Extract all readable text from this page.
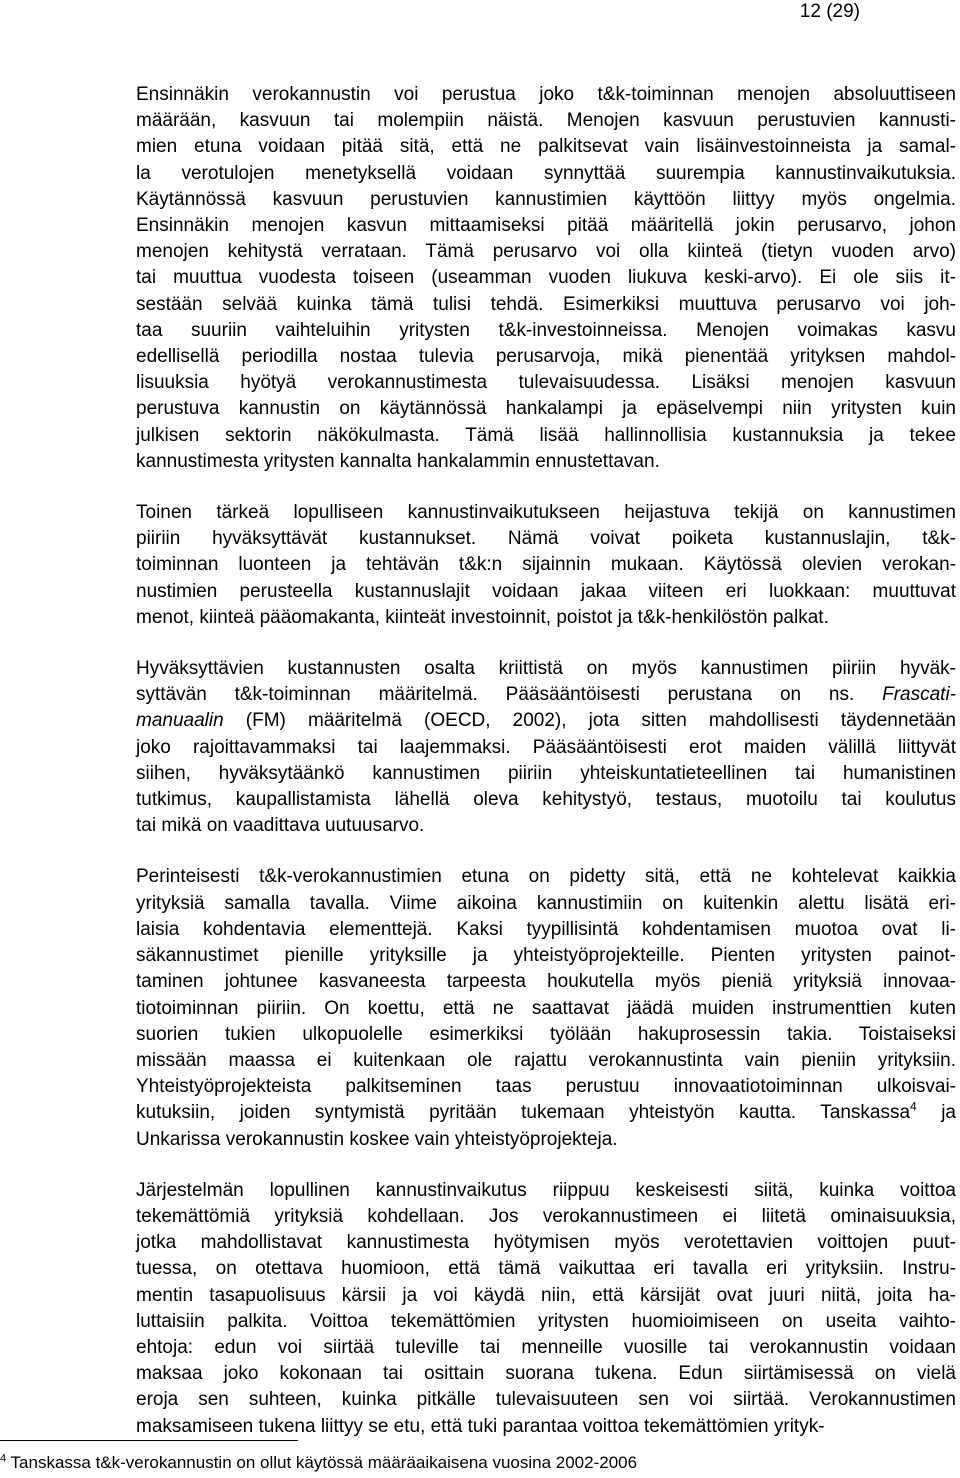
12 (29)
Ensinnäkin verokannustin voi perustua joko t&k-toiminnan menojen absoluuttiseen
määrään, kasvuun tai molempiin näistä. Menojen kasvuun perustuvien kannusti-
mien etuna voidaan pitää sitä, että ne palkitsevat vain lisäinvestoinneista ja samal-
la verotulojen menetyksellä voidaan synnyttää suurempia kannustinvaikutuksia.
Käytännössä kasvuun perustuvien kannustimien käyttöön liittyy myös ongelmia.
Ensinnäkin menojen kasvun mittaamiseksi pitää määritellä jokin perusarvo, johon
menojen kehitystä verrataan. Tämä perusarvo voi olla kiinteä (tietyn vuoden arvo)
tai muuttua vuodesta toiseen (useamman vuoden liukuva keski-arvo). Ei ole siis it-
sestään selvää kuinka tämä tulisi tehdä. Esimerkiksi muuttuva perusarvo voi joh-
taa suuriin vaihteluihin yritysten t&k-investoinneissa. Menojen voimakas kasvu
edellisellä periodilla nostaa tulevia perusarvoja, mikä pienentää yrityksen mahdol-
lisuuksia hyötyä verokannustimesta tulevaisuudessa. Lisäksi menojen kasvuun
perustuva kannustin on käytännössä hankalampi ja epäselvempi niin yritysten kuin
julkisen sektorin näkökulmasta. Tämä lisää hallinnollisia kustannuksia ja tekee
kannustimesta yritysten kannalta hankalammin ennustettavan.
Toinen tärkeä lopulliseen kannustinvaikutukseen heijastuva tekijä on kannustimen
piiriin hyväksyttävät kustannukset. Nämä voivat poiketa kustannuslajin, t&k-
toiminnan luonteen ja tehtävän t&k:n sijainnin mukaan. Käytössä olevien verokan-
nustimien perusteella kustannuslajit voidaan jakaa viiteen eri luokkaan: muuttuvat
menot, kiinteä pääomakanta, kiinteät investoinnit, poistot ja t&k-henkilöstön palkat.
Hyväksyttävien kustannusten osalta kriittistä on myös kannustimen piiriin hyväk-
syttävän t&k-toiminnan määritelmä. Pääsääntöisesti perustana on ns. Frascati-
manuaalin (FM) määritelmä (OECD, 2002), jota sitten mahdollisesti täydennetään
joko rajoittavammaksi tai laajemmaksi. Pääsääntöisesti erot maiden välillä liittyvät
siihen, hyväksytäänkö kannustimen piiriin yhteiskuntatieteellinen tai humanistinen
tutkimus, kaupallistamista lähellä oleva kehitystyö, testaus, muotoilu tai koulutus
tai mikä on vaadittava uutuusarvo.
Perinteisesti t&k-verokannustimien etuna on pidetty sitä, että ne kohtelevat kaikkia
yrityksiä samalla tavalla. Viime aikoina kannustimiin on kuitenkin alettu lisätä eri-
laisia kohdentavia elementtejä. Kaksi tyypillisintä kohdentamisen muotoa ovat li-
säkannustimet pienille yrityksille ja yhteistyöprojekteille. Pienten yritysten painot-
taminen johtunee kasvaneesta tarpeesta houkutella myös pieniä yrityksiä innovaa-
tiotoiminnan piiriin. On koettu, että ne saattavat jäädä muiden instrumenttien kuten
suorien tukien ulkopuolelle esimerkiksi työlään hakuprosessin takia. Toistaiseksi
missään maassa ei kuitenkaan ole rajattu verokannustinta vain pieniin yrityksiin.
Yhteistyöprojekteista palkitseminen taas perustuu innovaatiotoiminnan ulkoisvai-
kutuksiin, joiden syntymistä pyritään tukemaan yhteistyön kautta. Tanskassa$^4$ ja
Unkarissa verokannustin koskee vain yhteistyöprojekteja.
Järjestelmän lopullinen kannustinvaikutus riippuu keskeisesti siitä, kuinka voittoa
tekemättömiä yrityksiä kohdellaan. Jos verokannustimeen ei liitetä ominaisuuksia,
jotka mahdollistavat kannustimesta hyötymisen myös verotettavien voittojen puut-
tuessa, on otettava huomioon, että tämä vaikuttaa eri tavalla eri yrityksiin. Instru-
mentin tasapuolisuus kärsii ja voi käydä niin, että kärsijät ovat juuri niitä, joita ha-
luttaisiin palkita. Voittoa tekemättömien yritysten huomioimiseen on useita vaihto-
ehtoja: edun voi siirtää tuleville tai menneille vuosille tai verokannustin voidaan
maksaa joko kokonaan tai osittain suorana tukena. Edun siirtämisessä on vielä
eroja sen suhteen, kuinka pitkälle tulevaisuuteen sen voi siirtää. Verokannustimen
maksamiseen tukena liittyy se etu, että tuki parantaa voittoa tekemättömien yrityk-
$^4$ Tanskassa t&k-verokannustin on ollut käytössä määräaikaisena vuosina 2002-2006
